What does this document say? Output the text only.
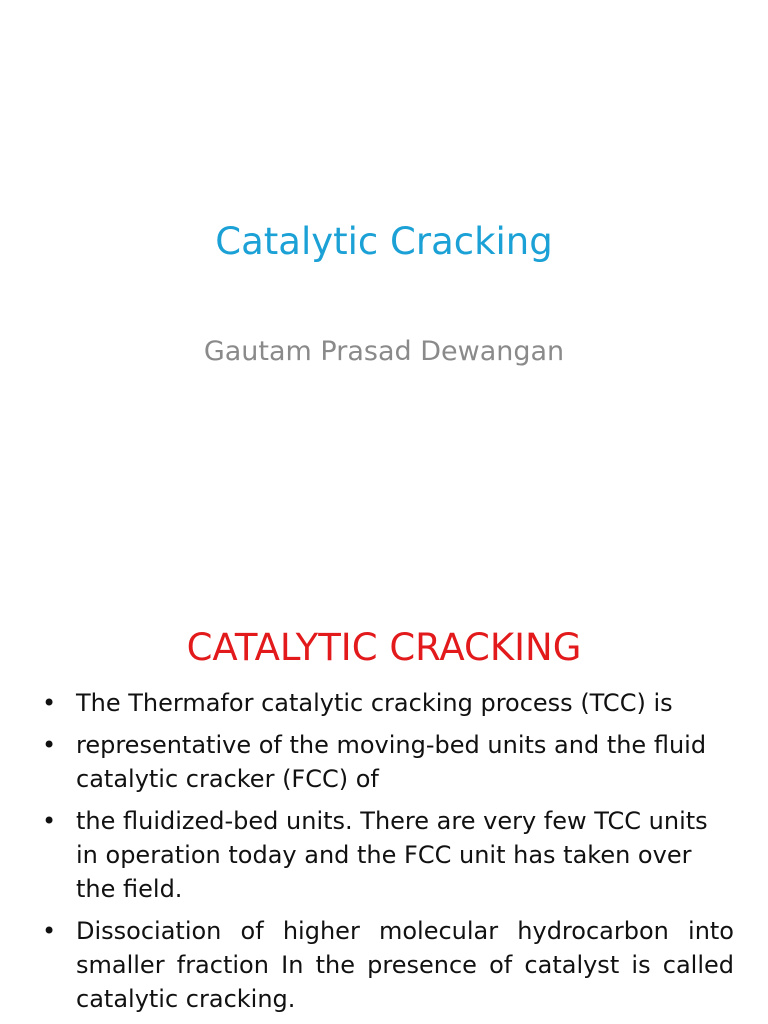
Catalytic Cracking

Gautam Prasad Dewangan

CATALYTIC CRACKING
• The Thermafor catalytic cracking process (TCC) is
• representative of the moving-bed units and the fluid catalytic cracker (FCC) of
• the fluidized-bed units. There are very few TCC units in operation today and the FCC unit has taken over the field.
• Dissociation of higher molecular hydrocarbon into smaller fraction In the presence of catalyst is called catalytic cracking.
